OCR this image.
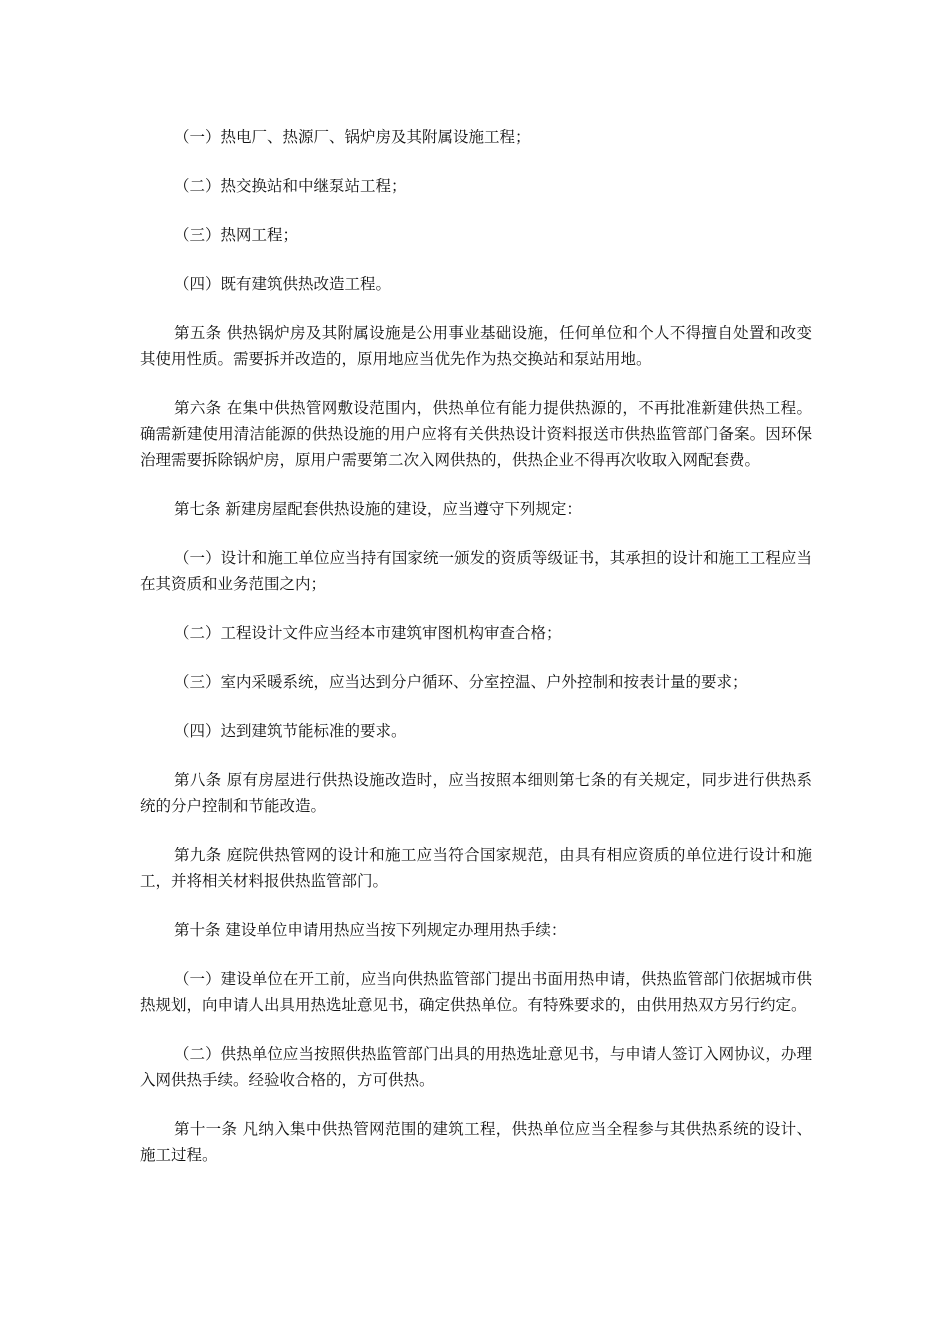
（一）热电厂、热源厂、锅炉房及其附属设施工程；

（二）热交换站和中继泵站工程；

（三）热网工程；

（四）既有建筑供热改造工程。

第五条 供热锅炉房及其附属设施是公用事业基础设施，任何单位和个人不得擅自处置和改变其使用性质。需要拆并改造的，原用地应当优先作为热交换站和泵站用地。

第六条 在集中供热管网敷设范围内，供热单位有能力提供热源的，不再批准新建供热工程。确需新建使用清洁能源的供热设施的用户应将有关供热设计资料报送市供热监管部门备案。因环保治理需要拆除锅炉房，原用户需要第二次入网供热的，供热企业不得再次收取入网配套费。

第七条 新建房屋配套供热设施的建设，应当遵守下列规定：

（一）设计和施工单位应当持有国家统一颁发的资质等级证书，其承担的设计和施工工程应当在其资质和业务范围之内；

（二）工程设计文件应当经本市建筑审图机构审查合格；

（三）室内采暖系统，应当达到分户循环、分室控温、户外控制和按表计量的要求；

（四）达到建筑节能标准的要求。

第八条 原有房屋进行供热设施改造时，应当按照本细则第七条的有关规定，同步进行供热系统的分户控制和节能改造。

第九条 庭院供热管网的设计和施工应当符合国家规范，由具有相应资质的单位进行设计和施工，并将相关材料报供热监管部门。

第十条 建设单位申请用热应当按下列规定办理用热手续：

（一）建设单位在开工前，应当向供热监管部门提出书面用热申请，供热监管部门依据城市供热规划，向申请人出具用热选址意见书，确定供热单位。有特殊要求的，由供用热双方另行约定。

（二）供热单位应当按照供热监管部门出具的用热选址意见书，与申请人签订入网协议，办理入网供热手续。经验收合格的，方可供热。

第十一条 凡纳入集中供热管网范围的建筑工程，供热单位应当全程参与其供热系统的设计、施工过程。
